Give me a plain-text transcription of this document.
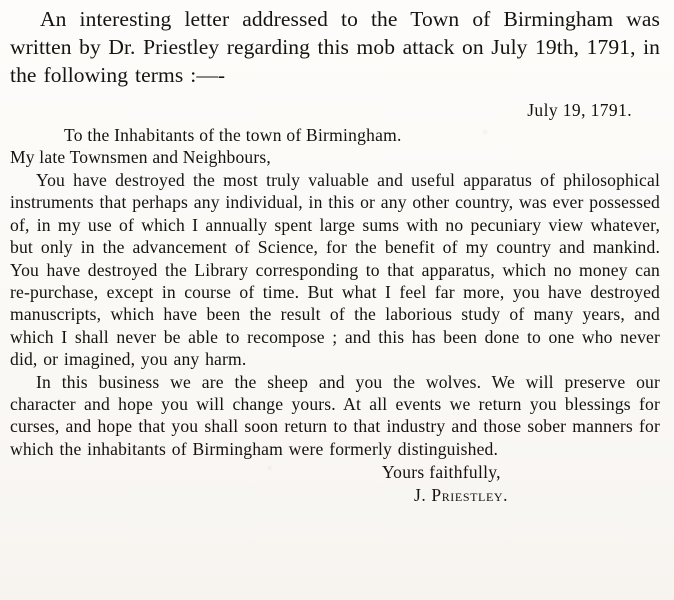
An interesting letter addressed to the Town of Birmingham was written by Dr. Priestley regarding this mob attack on July 19th, 1791, in the following terms :—-

July 19, 1791.

To the Inhabitants of the town of Birmingham.

My late Townsmen and Neighbours,

You have destroyed the most truly valuable and useful apparatus of philosophical instruments that perhaps any individual, in this or any other country, was ever possessed of, in my use of which I annually spent large sums with no pecuniary view whatever, but only in the advancement of Science, for the benefit of my country and mankind. You have destroyed the Library corresponding to that apparatus, which no money can re-purchase, except in course of time. But what I feel far more, you have destroyed manuscripts, which have been the result of the laborious study of many years, and which I shall never be able to recompose ; and this has been done to one who never did, or imagined, you any harm.

In this business we are the sheep and you the wolves. We will preserve our character and hope you will change yours. At all events we return you blessings for curses, and hope that you shall soon return to that industry and those sober manners for which the inhabitants of Birmingham were formerly distinguished.

Yours faithfully,

J. Priestley.
